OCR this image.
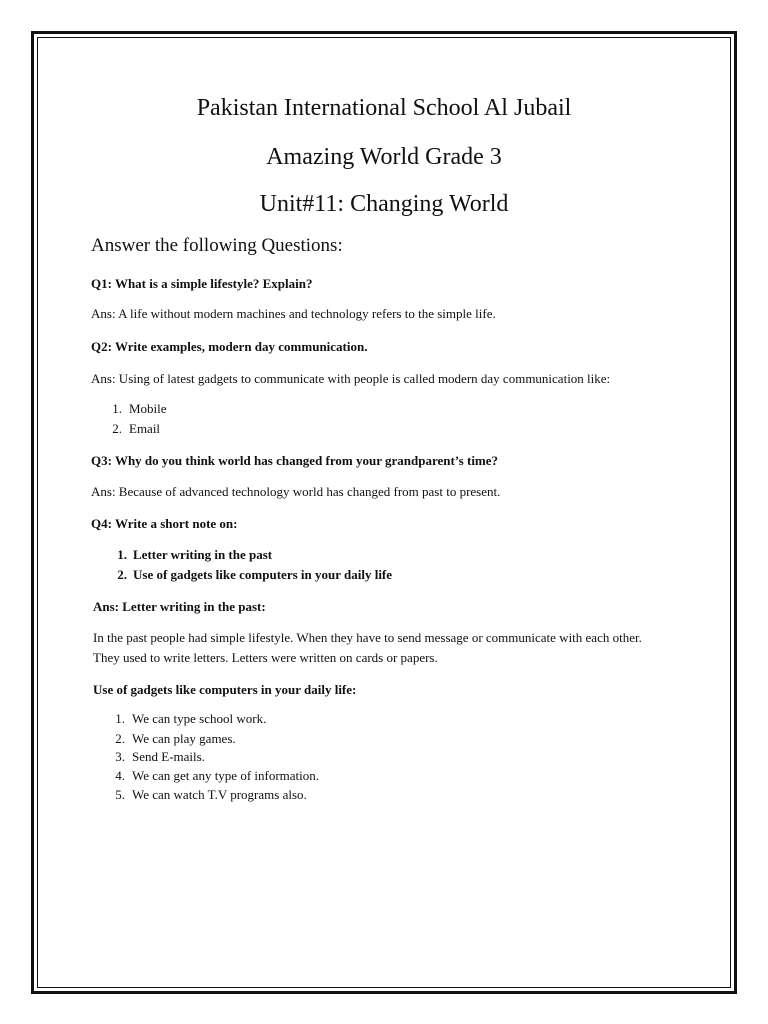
Pakistan International School Al Jubail
Amazing World Grade 3
Unit#11: Changing World
Answer the following Questions:
Q1: What is a simple lifestyle? Explain?
Ans: A life without modern machines and technology refers to the simple life.
Q2: Write examples, modern day communication.
Ans: Using of latest gadgets to communicate with people is called modern day communication like:
1. Mobile
2. Email
Q3: Why do you think world has changed from your grandparent’s time?
Ans: Because of advanced technology world has changed from past to present.
Q4: Write a short note on:
1. Letter writing in the past
2. Use of gadgets like computers in your daily life
Ans: Letter writing in the past:
In the past people had simple lifestyle. When they have to send message or communicate with each other.
They used to write letters. Letters were written on cards or papers.
Use of gadgets like computers in your daily life:
1. We can type school work.
2. We can play games.
3. Send E-mails.
4. We can get any type of information.
5. We can watch T.V programs also.
